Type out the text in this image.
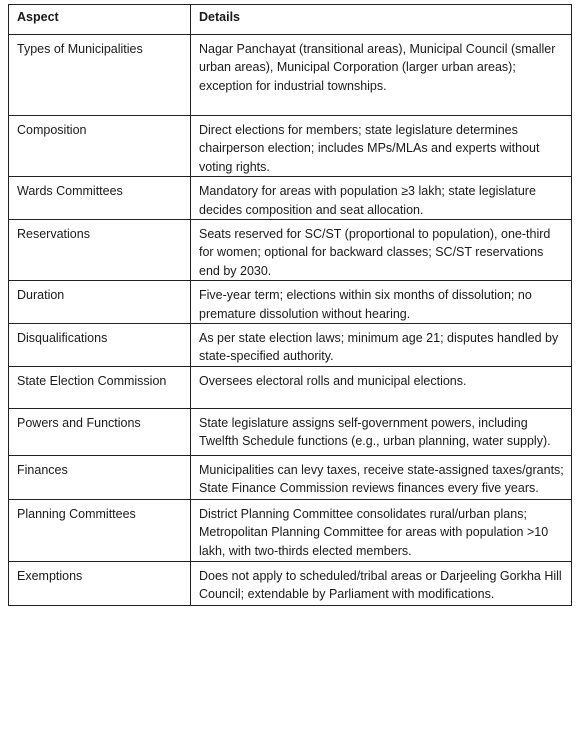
Aspect	Details
Types of Municipalities	Nagar Panchayat (transitional areas), Municipal Council (smaller urban areas), Municipal Corporation (larger urban areas); exception for industrial townships.
Composition	Direct elections for members; state legislature determines chairperson election; includes MPs/MLAs and experts without voting rights.
Wards Committees	Mandatory for areas with population ≥3 lakh; state legislature decides composition and seat allocation.
Reservations	Seats reserved for SC/ST (proportional to population), one-third for women; optional for backward classes; SC/ST reservations end by 2030.
Duration	Five-year term; elections within six months of dissolution; no premature dissolution without hearing.
Disqualifications	As per state election laws; minimum age 21; disputes handled by state-specified authority.
State Election Commission	Oversees electoral rolls and municipal elections.
Powers and Functions	State legislature assigns self-government powers, including Twelfth Schedule functions (e.g., urban planning, water supply).
Finances	Municipalities can levy taxes, receive state-assigned taxes/grants; State Finance Commission reviews finances every five years.
Planning Committees	District Planning Committee consolidates rural/urban plans; Metropolitan Planning Committee for areas with population >10 lakh, with two-thirds elected members.
Exemptions	Does not apply to scheduled/tribal areas or Darjeeling Gorkha Hill Council; extendable by Parliament with modifications.
